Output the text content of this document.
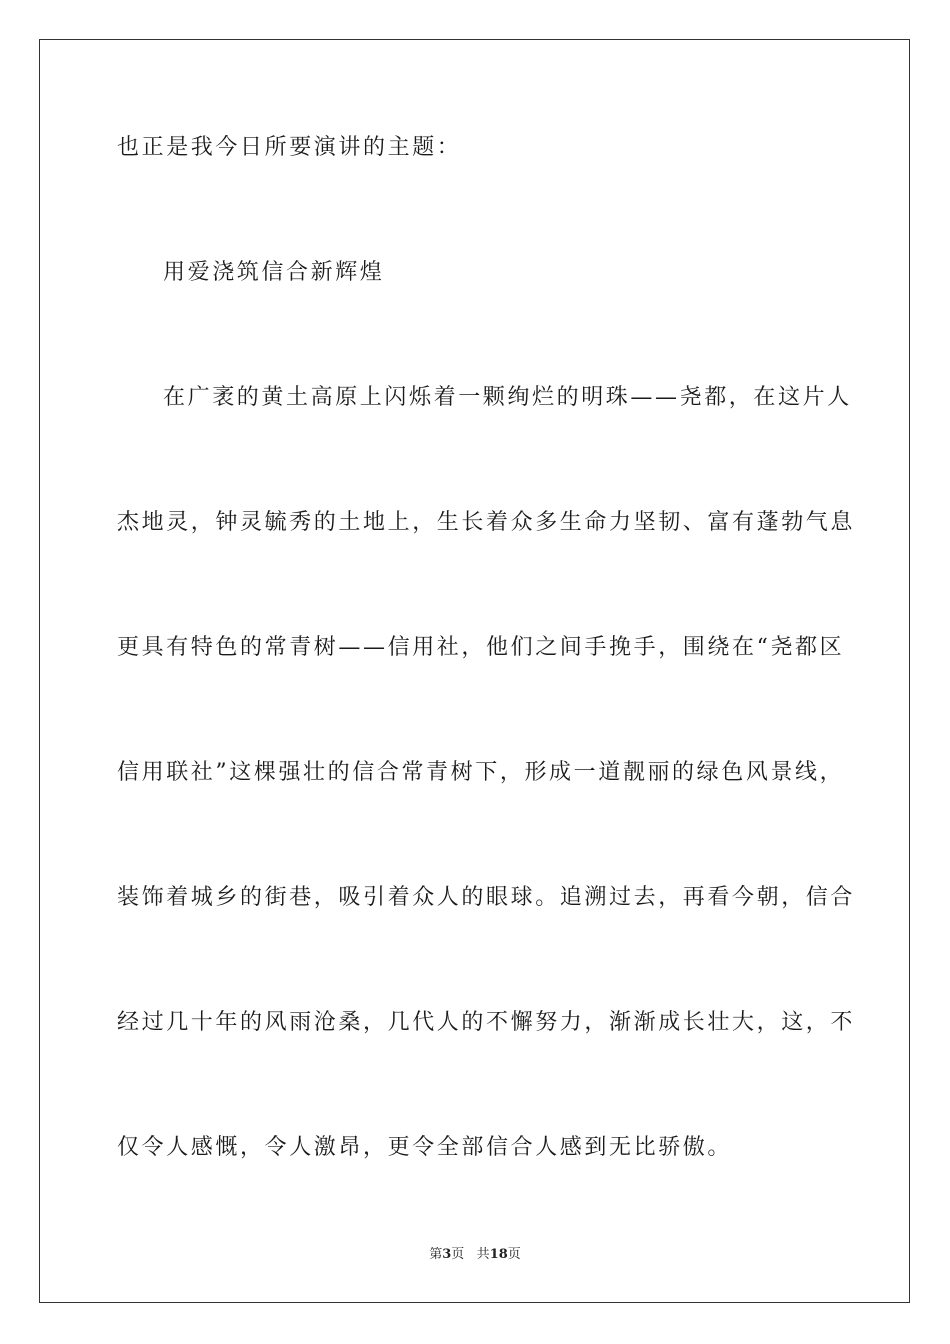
也正是我今日所要演讲的主题：
用爱浇筑信合新辉煌
在广袤的黄土高原上闪烁着一颗绚烂的明珠——尧都，在这片人
杰地灵，钟灵毓秀的土地上，生长着众多生命力坚韧、富有蓬勃气息
更具有特色的常青树——信用社，他们之间手挽手，围绕在“尧都区
信用联社”这棵强壮的信合常青树下，形成一道靓丽的绿色风景线，
装饰着城乡的街巷，吸引着众人的眼球。追溯过去，再看今朝，信合
经过几十年的风雨沧桑，几代人的不懈努力，渐渐成长壮大，这，不
仅令人感慨，令人激昂，更令全部信合人感到无比骄傲。
第3页 共18页
